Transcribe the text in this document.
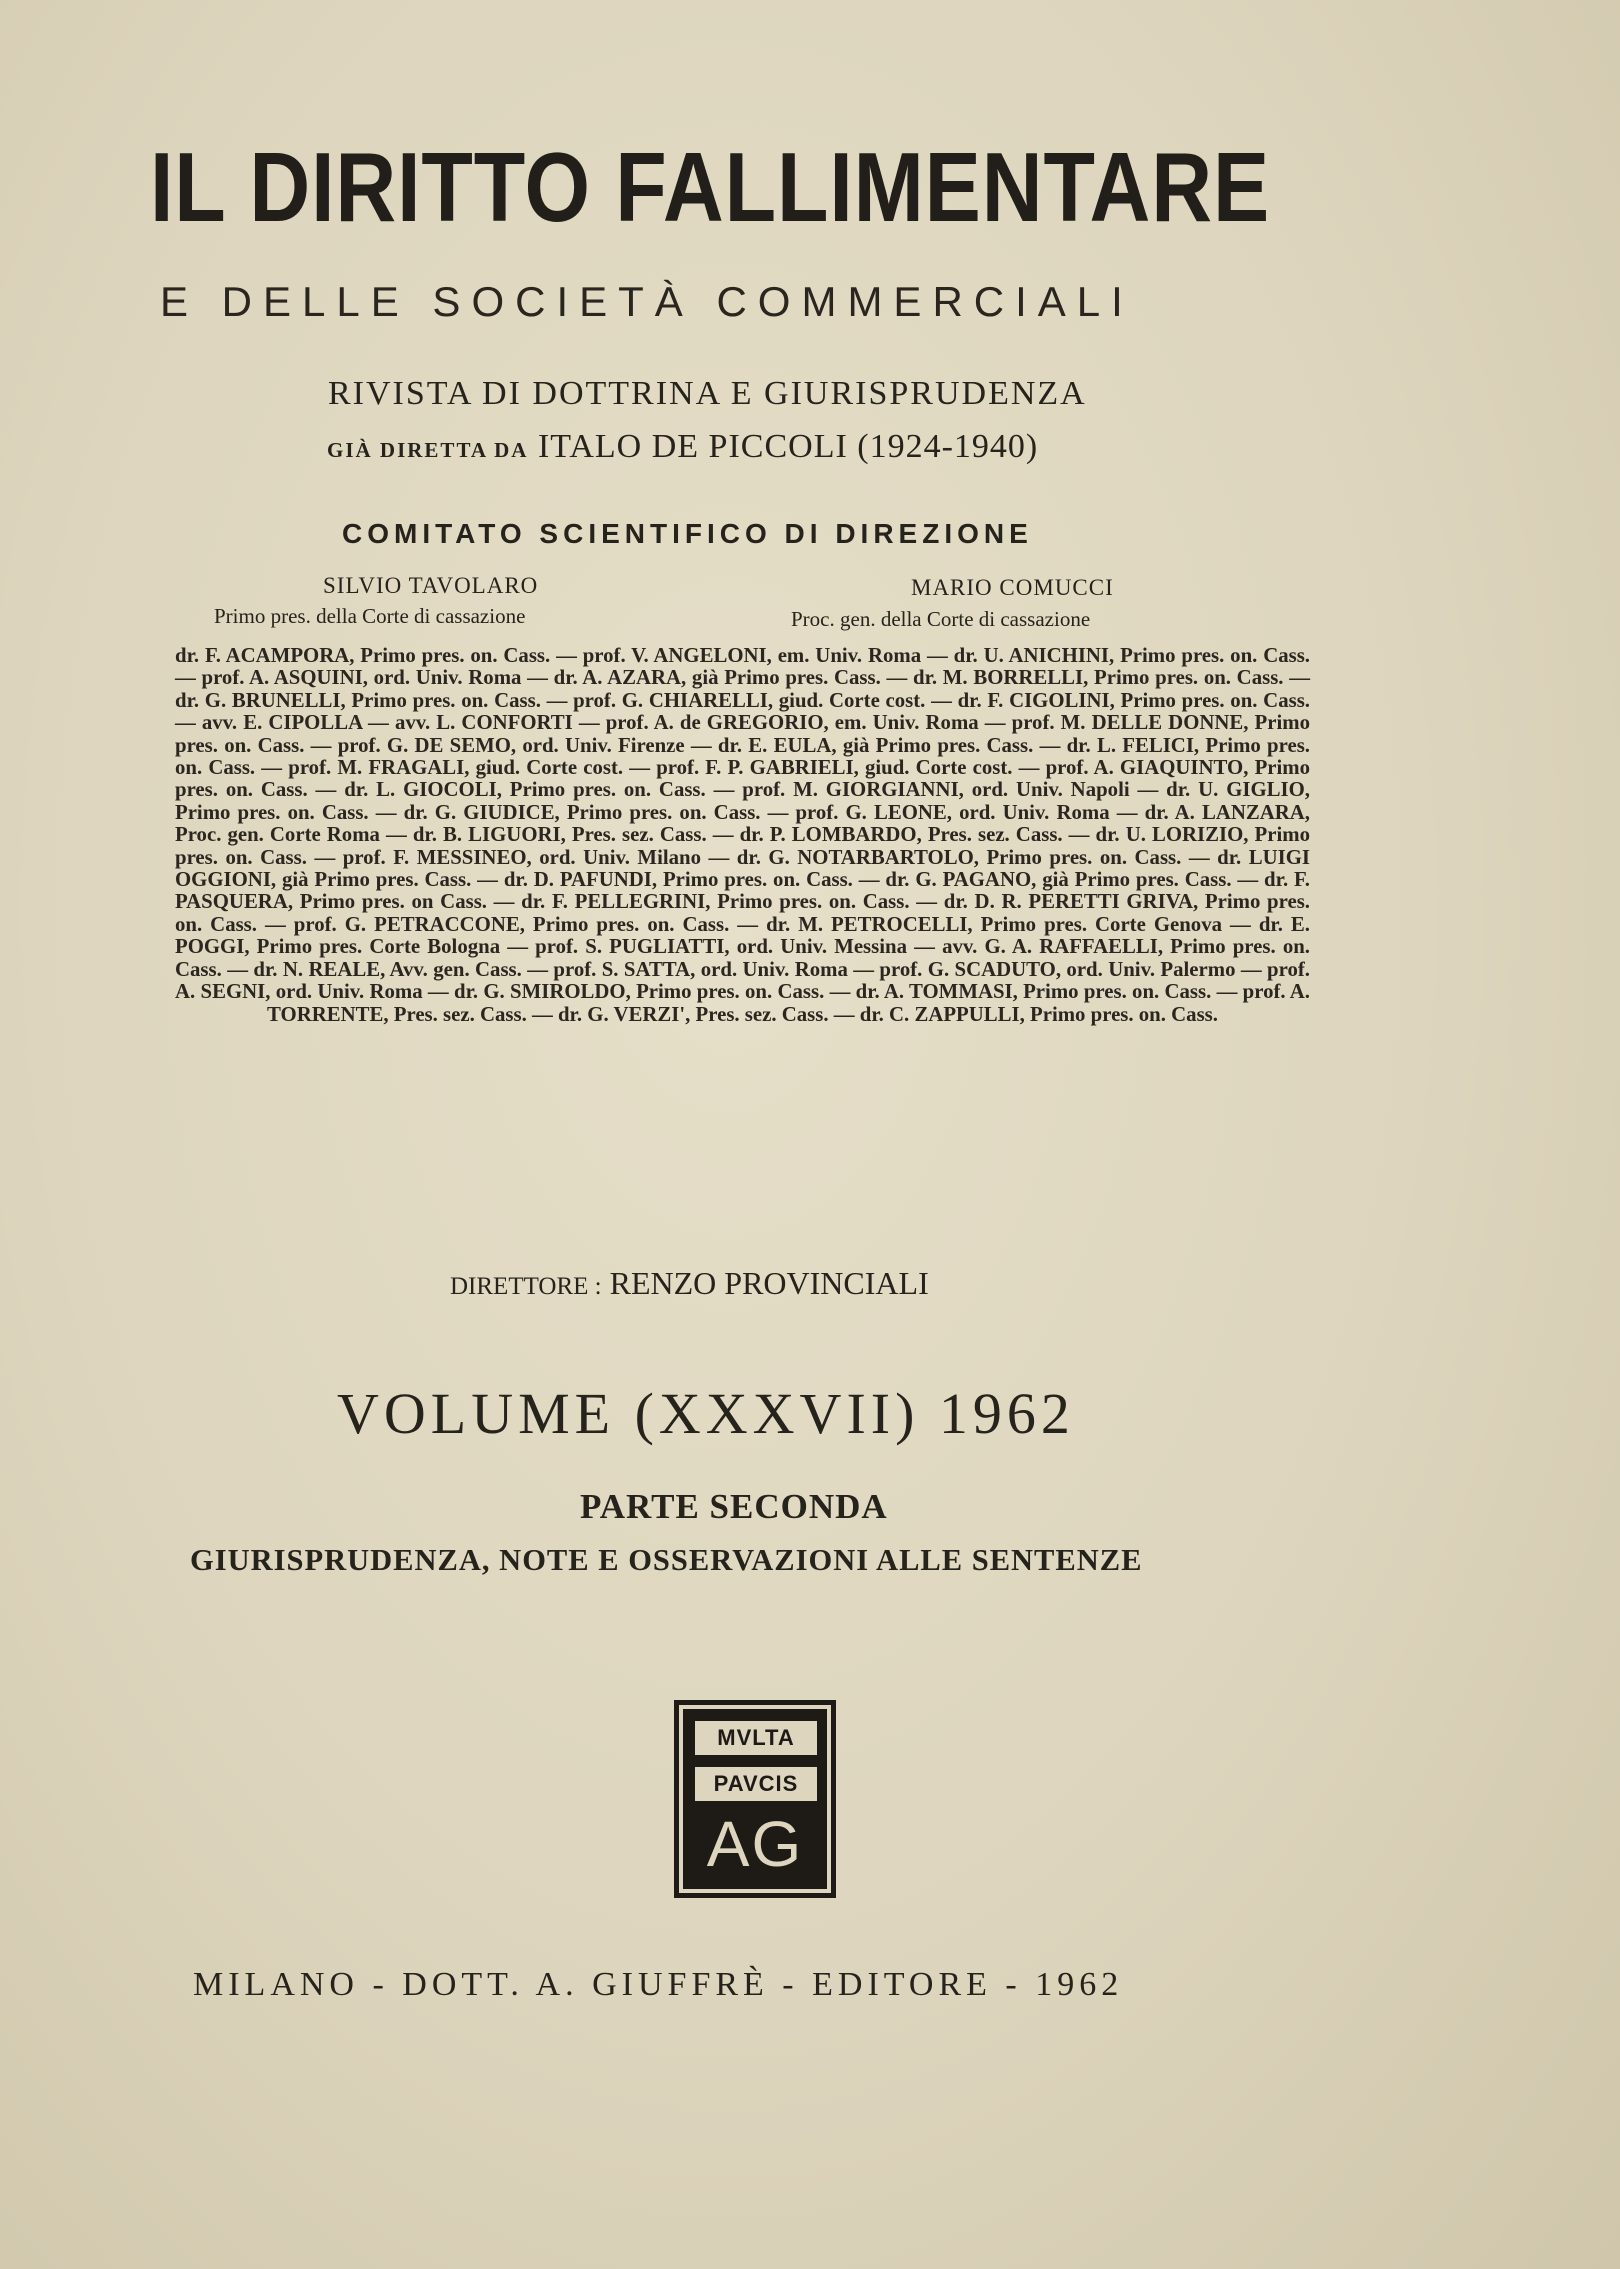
IL DIRITTO FALLIMENTARE
E DELLE SOCIETÀ COMMERCIALI
RIVISTA DI DOTTRINA E GIURISPRUDENZA
GIÀ DIRETTA DA ITALO DE PICCOLI (1924-1940)
COMITATO SCIENTIFICO DI DIREZIONE
SILVIO TAVOLARO
Primo pres. della Corte di cassazione
MARIO COMUCCI
Proc. gen. della Corte di cassazione
dr. F. ACAMPORA, Primo pres. on. Cass. — prof. V. ANGELONI, em. Univ. Roma — dr. U. ANICHINI, Primo pres. on. Cass. — prof. A. ASQUINI, ord. Univ. Roma — dr. A. AZARA, già Primo pres. Cass. — dr. M. BORRELLI, Primo pres. on. Cass. — dr. G. BRUNELLI, Primo pres. on. Cass. — prof. G. CHIARELLI, giud. Corte cost. — dr. F. CIGOLINI, Primo pres. on. Cass. — avv. E. CIPOLLA — avv. L. CONFORTI — prof. A. de GREGORIO, em. Univ. Roma — prof. M. DELLE DONNE, Primo pres. on. Cass. — prof. G. DE SEMO, ord. Univ. Firenze — dr. E. EULA, già Primo pres. Cass. — dr. L. FELICI, Primo pres. on. Cass. — prof. M. FRAGALI, giud. Corte cost. — prof. F. P. GABRIELI, giud. Corte cost. — prof. A. GIAQUINTO, Primo pres. on. Cass. — dr. L. GIOCOLI, Primo pres. on. Cass. — prof. M. GIORGIANNI, ord. Univ. Napoli — dr. U. GIGLIO, Primo pres. on. Cass. — dr. G. GIUDICE, Primo pres. on. Cass. — prof. G. LEONE, ord. Univ. Roma — dr. A. LANZARA, Proc. gen. Corte Roma — dr. B. LIGUORI, Pres. sez. Cass. — dr. P. LOMBARDO, Pres. sez. Cass. — dr. U. LORIZIO, Primo pres. on. Cass. — prof. F. MESSINEO, ord. Univ. Milano — dr. G. NOTARBARTOLO, Primo pres. on. Cass. — dr. LUIGI OGGIONI, già Primo pres. Cass. — dr. D. PAFUNDI, Primo pres. on. Cass. — dr. G. PAGANO, già Primo pres. Cass. — dr. F. PASQUERA, Primo pres. on Cass. — dr. F. PELLEGRINI, Primo pres. on. Cass. — dr. D. R. PERETTI GRIVA, Primo pres. on. Cass. — prof. G. PETRACCONE, Primo pres. on. Cass. — dr. M. PETROCELLI, Primo pres. Corte Genova — dr. E. POGGI, Primo pres. Corte Bologna — prof. S. PUGLIATTI, ord. Univ. Messina — avv. G. A. RAFFAELLI, Primo pres. on. Cass. — dr. N. REALE, Avv. gen. Cass. — prof. S. SATTA, ord. Univ. Roma — prof. G. SCADUTO, ord. Univ. Palermo — prof. A. SEGNI, ord. Univ. Roma — dr. G. SMIROLDO, Primo pres. on. Cass. — dr. A. TOMMASI, Primo pres. on. Cass. — prof. A. TORRENTE, Pres. sez. Cass. — dr. G. VERZI', Pres. sez. Cass. — dr. C. ZAPPULLI, Primo pres. on. Cass.
DIRETTORE : RENZO PROVINCIALI
VOLUME (XXXVII) 1962
PARTE SECONDA
GIURISPRUDENZA, NOTE E OSSERVAZIONI ALLE SENTENZE
MVLTA
PAVCIS
AG
MILANO - DOTT. A. GIUFFRÈ - EDITORE - 1962
